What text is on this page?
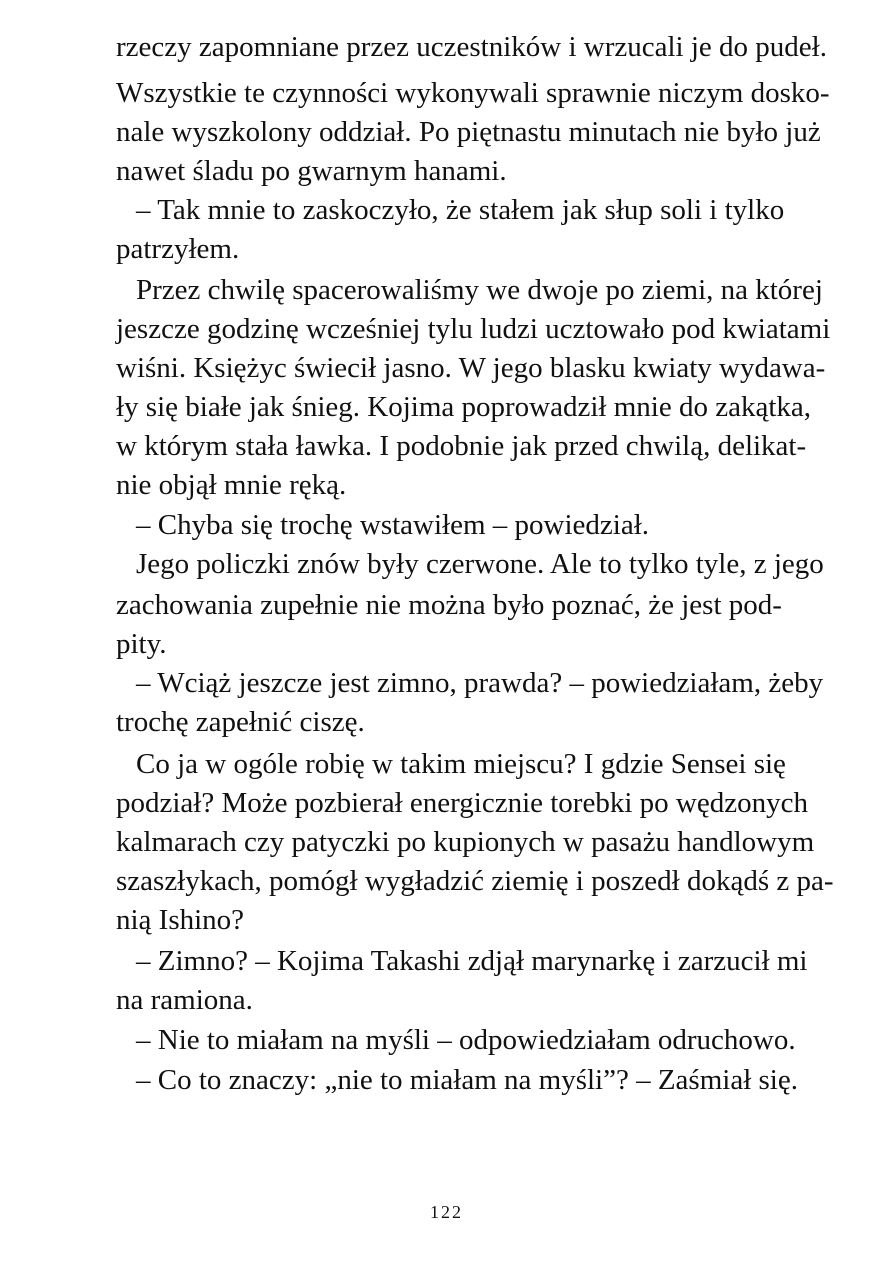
rzeczy zapomniane przez uczestników i wrzucali je do pudeł.
Wszystkie te czynności wykonywali sprawnie niczym dosko-
nale wyszkolony oddział. Po piętnastu minutach nie było już
nawet śladu po gwarnym hanami.
– Tak mnie to zaskoczyło, że stałem jak słup soli i tylko
patrzyłem.
Przez chwilę spacerowaliśmy we dwoje po ziemi, na której
jeszcze godzinę wcześniej tylu ludzi ucztowało pod kwiatami
wiśni. Księżyc świecił jasno. W jego blasku kwiaty wydawa-
ły się białe jak śnieg. Kojima poprowadził mnie do zakątka,
w którym stała ławka. I podobnie jak przed chwilą, delikat-
nie objął mnie ręką.
– Chyba się trochę wstawiłem – powiedział.
Jego policzki znów były czerwone. Ale to tylko tyle, z jego
zachowania zupełnie nie można było poznać, że jest pod-
pity.
– Wciąż jeszcze jest zimno, prawda? – powiedziałam, żeby
trochę zapełnić ciszę.
Co ja w ogóle robię w takim miejscu? I gdzie Sensei się
podział? Może pozbierał energicznie torebki po wędzonych
kalmarach czy patyczki po kupionych w pasażu handlowym
szaszłykach, pomógł wygładzić ziemię i poszedł dokądś z pa-
nią Ishino?
– Zimno? – Kojima Takashi zdjął marynarkę i zarzucił mi
na ramiona.
– Nie to miałam na myśli – odpowiedziałam odruchowo.
– Co to znaczy: „nie to miałam na myśli”? – Zaśmiał się.
122
